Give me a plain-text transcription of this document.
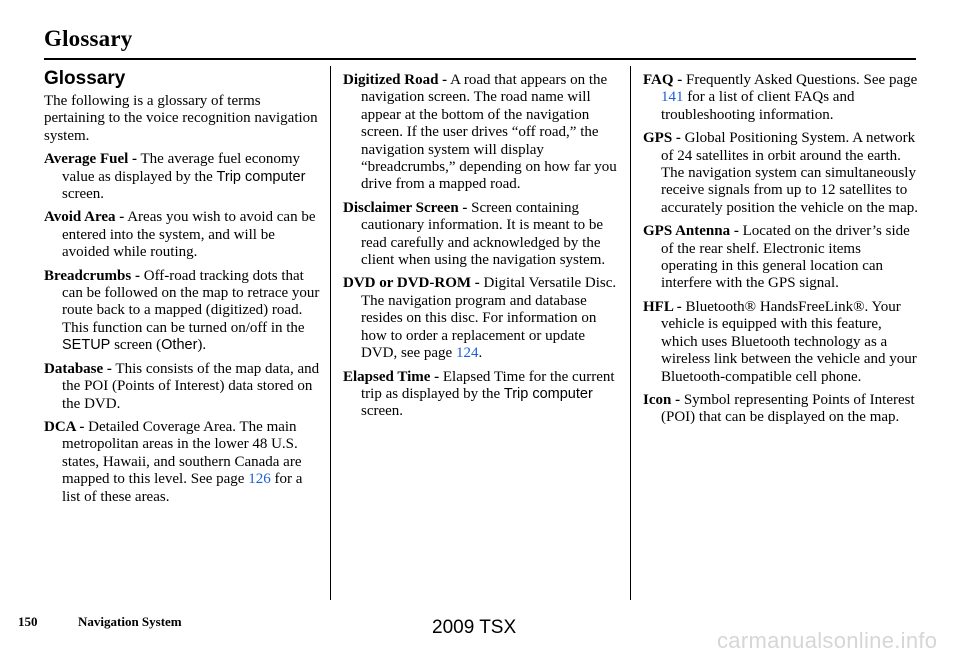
Glossary
Glossary

The following is a glossary of terms pertaining to the voice recognition navigation system.

Average Fuel - The average fuel economy value as displayed by the Trip computer screen.

Avoid Area - Areas you wish to avoid can be entered into the system, and will be avoided while routing.

Breadcrumbs - Off-road tracking dots that can be followed on the map to retrace your route back to a mapped (digitized) road. This function can be turned on/off in the SETUP screen (Other).

Database - This consists of the map data, and the POI (Points of Interest) data stored on the DVD.

DCA - Detailed Coverage Area. The main metropolitan areas in the lower 48 U.S. states, Hawaii, and southern Canada are mapped to this level. See page 126 for a list of these areas.

Digitized Road - A road that appears on the navigation screen. The road name will appear at the bottom of the navigation screen. If the user drives “off road,” the navigation system will display “breadcrumbs,” depending on how far you drive from a mapped road.

Disclaimer Screen - Screen containing cautionary information. It is meant to be read carefully and acknowledged by the client when using the navigation system.

DVD or DVD-ROM - Digital Versatile Disc. The navigation program and database resides on this disc. For information on how to order a replacement or update DVD, see page 124.

Elapsed Time - Elapsed Time for the current trip as displayed by the Trip computer screen.

FAQ - Frequently Asked Questions. See page 141 for a list of client FAQs and troubleshooting information.

GPS - Global Positioning System. A network of 24 satellites in orbit around the earth. The navigation system can simultaneously receive signals from up to 12 satellites to accurately position the vehicle on the map.

GPS Antenna - Located on the driver’s side of the rear shelf. Electronic items operating in this general location can interfere with the GPS signal.

HFL - Bluetooth® HandsFreeLink®. Your vehicle is equipped with this feature, which uses Bluetooth technology as a wireless link between the vehicle and your Bluetooth-compatible cell phone.

Icon - Symbol representing Points of Interest (POI) that can be displayed on the map.

150	Navigation System	2009 TSX
carmanualsonline.info
